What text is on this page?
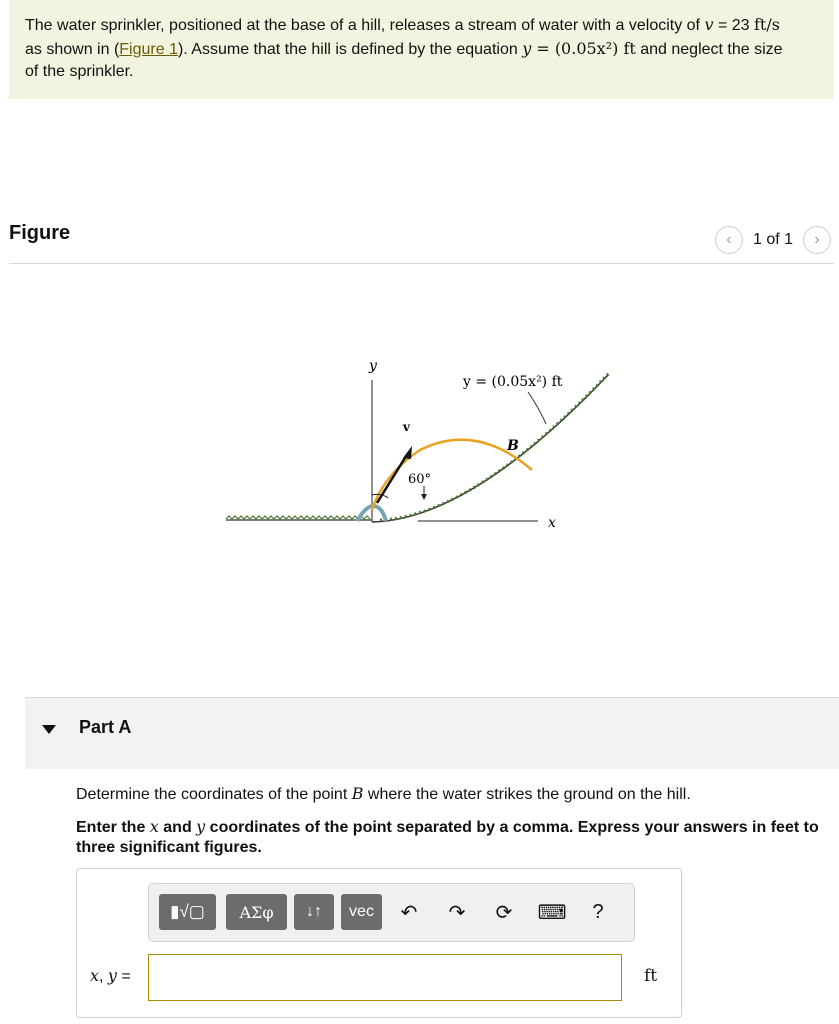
The water sprinkler, positioned at the base of a hill, releases a stream of water with a velocity of v = 23 ft/s
as shown in (Figure 1). Assume that the hill is defined by the equation y = (0.05x²) ft and neglect the size
of the sprinkler.
Figure	‹ 1 of 1 ›
y
v
y = (0.05x²) ft
B
60°
x
Part A
Determine the coordinates of the point B where the water strikes the ground on the hill.
Enter the x and y coordinates of the point separated by a comma. Express your answers in feet to three significant figures.
▮√▢ ΑΣφ ↓↑ vec ↶ ↷ ⟳ ⌨	?
x, y =	ft
